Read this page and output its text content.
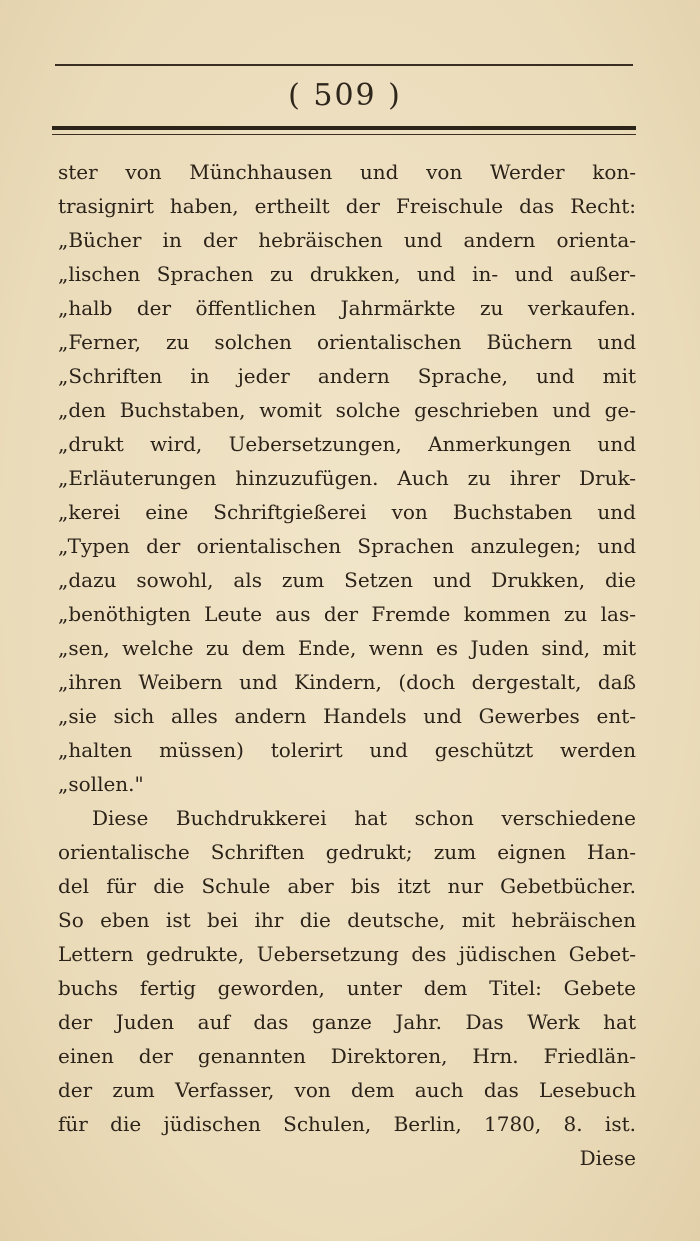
( 509 )
ster von Münchhausen und von Werder kon-
trasignirt haben, ertheilt der Freischule das Recht:
„Bücher in der hebräischen und andern orienta-
„lischen Sprachen zu drukken, und in- und außer-
„halb der öffentlichen Jahrmärkte zu verkaufen.
„Ferner, zu solchen orientalischen Büchern und
„Schriften in jeder andern Sprache, und mit
„den Buchstaben, womit solche geschrieben und ge-
„drukt wird, Uebersetzungen, Anmerkungen und
„Erläuterungen hinzuzufügen. Auch zu ihrer Druk-
„kerei eine Schriftgießerei von Buchstaben und
„Typen der orientalischen Sprachen anzulegen; und
„dazu sowohl, als zum Setzen und Drukken, die
„benöthigten Leute aus der Fremde kommen zu las-
„sen, welche zu dem Ende, wenn es Juden sind, mit
„ihren Weibern und Kindern, (doch dergestalt, daß
„sie sich alles andern Handels und Gewerbes ent-
„halten müssen) tolerirt und geschützt werden
„sollen."
Diese Buchdrukkerei hat schon verschiedene
orientalische Schriften gedrukt; zum eignen Han-
del für die Schule aber bis itzt nur Gebetbücher.
So eben ist bei ihr die deutsche, mit hebräischen
Lettern gedrukte, Uebersetzung des jüdischen Gebet-
buchs fertig geworden, unter dem Titel: Gebete
der Juden auf das ganze Jahr. Das Werk hat
einen der genannten Direktoren, Hrn. Friedlän-
der zum Verfasser, von dem auch das Lesebuch
für die jüdischen Schulen, Berlin, 1780, 8. ist.
Diese
